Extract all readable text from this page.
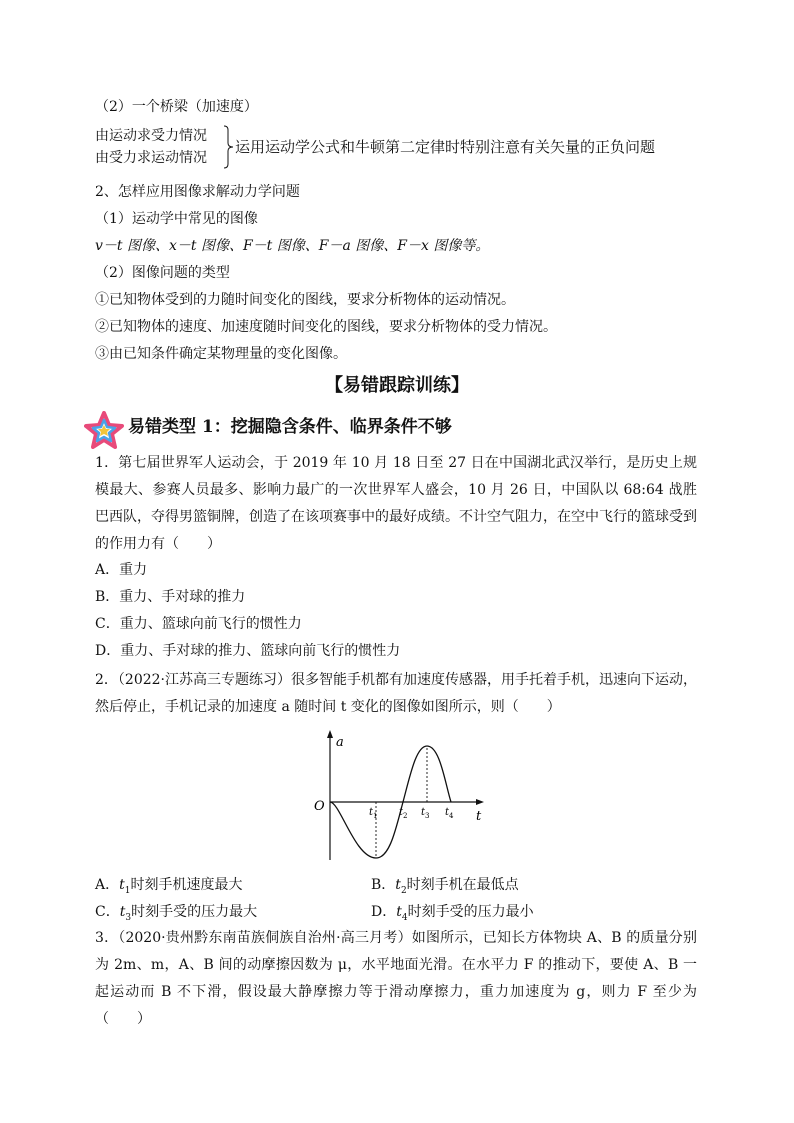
（2）一个桥梁（加速度）
由运动求受力情况
由受力求运动情况
运用运动学公式和牛顿第二定律时特别注意有关矢量的正负问题
2、怎样应用图像求解动力学问题
（1）运动学中常见的图像
v－t 图像、x－t 图像、F－t 图像、F－a 图像、F－x 图像等。
（2）图像问题的类型
①已知物体受到的力随时间变化的图线，要求分析物体的运动情况。
②已知物体的速度、加速度随时间变化的图线，要求分析物体的受力情况。
③由已知条件确定某物理量的变化图像。
【易错跟踪训练】
易错类型 1：挖掘隐含条件、临界条件不够
1．第七届世界军人运动会，于 2019 年 10 月 18 日至 27 日在中国湖北武汉举行，是历史上规模最大、参赛人员最多、影响力最广的一次世界军人盛会，10 月 26 日，中国队以 68:64 战胜巴西队，夺得男篮铜牌，创造了在该项赛事中的最好成绩。不计空气阻力，在空中飞行的篮球受到的作用力有（　　）
A．重力
B．重力、手对球的推力
C．重力、篮球向前飞行的惯性力
D．重力、手对球的推力、篮球向前飞行的惯性力
2．（2022·江苏高三专题练习）很多智能手机都有加速度传感器，用手托着手机，迅速向下运动，然后停止，手机记录的加速度 a 随时间 t 变化的图像如图所示，则（　　）
a
t
O	$t_1$ $t_2$ $t_3$ $t_4$
A．$t_1$时刻手机速度最大	B．$t_2$时刻手机在最低点
C．$t_3$时刻手受的压力最大	D．$t_4$时刻手受的压力最小
3．（2020·贵州黔东南苗族侗族自治州·高三月考）如图所示，已知长方体物块 A、B 的质量分别为 2m、m，A、B 间的动摩擦因数为 μ，水平地面光滑。在水平力 F 的推动下，要使 A、B 一起运动而 B 不下滑，假设最大静摩擦力等于滑动摩擦力，重力加速度为 g，则力 F 至少为（　　）
